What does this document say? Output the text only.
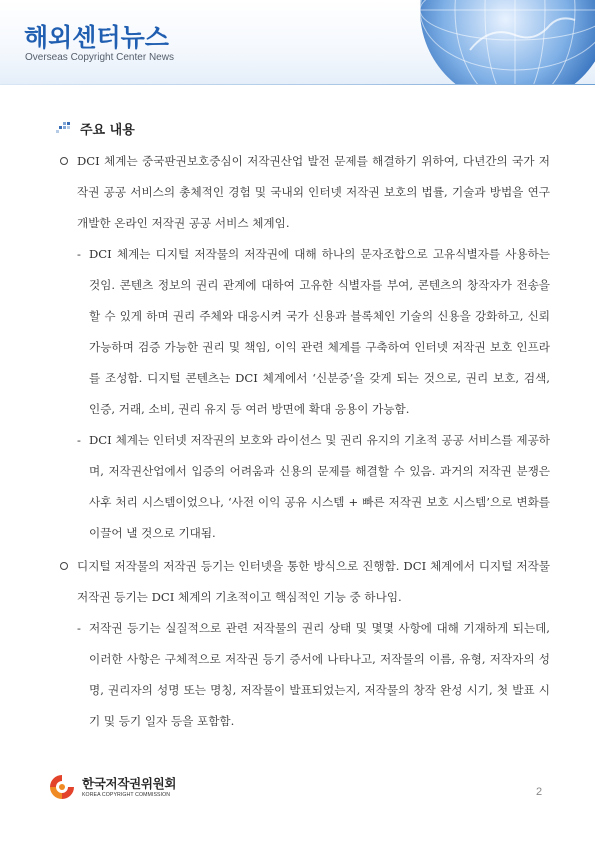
해외센터뉴스
Overseas Copyright Center News
주요 내용

DCI 체계는 중국판권보호중심이 저작권산업 발전 문제를 해결하기 위하여, 다년간의 국가 저작권 공공 서비스의 총체적인 경험 및 국내외 인터넷 저작권 보호의 법률, 기술과 방법을 연구 개발한 온라인 저작권 공공 서비스 체계임.

- DCI 체계는 디지털 저작물의 저작권에 대해 하나의 문자조합으로 고유식별자를 사용하는 것임. 콘텐츠 정보의 권리 관계에 대하여 고유한 식별자를 부여, 콘텐츠의 창작자가 전송을 할 수 있게 하며 권리 주체와 대응시켜 국가 신용과 블록체인 기술의 신용을 강화하고, 신뢰 가능하며 검증 가능한 권리 및 책임, 이익 관련 체계를 구축하여 인터넷 저작권 보호 인프라를 조성함. 디지털 콘텐츠는 DCI 체계에서 ‘신분증’을 갖게 되는 것으로, 권리 보호, 검색, 인증, 거래, 소비, 권리 유지 등 여러 방면에 확대 응용이 가능함.

- DCI 체계는 인터넷 저작권의 보호와 라이선스 및 권리 유지의 기초적 공공 서비스를 제공하며, 저작권산업에서 입증의 어려움과 신용의 문제를 해결할 수 있음. 과거의 저작권 분쟁은 사후 처리 시스템이었으나, ‘사전 이익 공유 시스템 + 빠른 저작권 보호 시스템’으로 변화를 이끌어 낼 것으로 기대됨.

디지털 저작물의 저작권 등기는 인터넷을 통한 방식으로 진행함. DCI 체계에서 디지털 저작물 저작권 등기는 DCI 체계의 기초적이고 핵심적인 기능 중 하나임.

- 저작권 등기는 실질적으로 관련 저작물의 권리 상태 및 몇몇 사항에 대해 기재하게 되는데, 이러한 사항은 구체적으로 저작권 등기 증서에 나타나고, 저작물의 이름, 유형, 저작자의 성명, 권리자의 성명 또는 명칭, 저작물이 발표되었는지, 저작물의 창작 완성 시기, 첫 발표 시기 및 등기 일자 등을 포함함.

한국저작권위원회
KOREA COPYRIGHT COMMISSION	2
